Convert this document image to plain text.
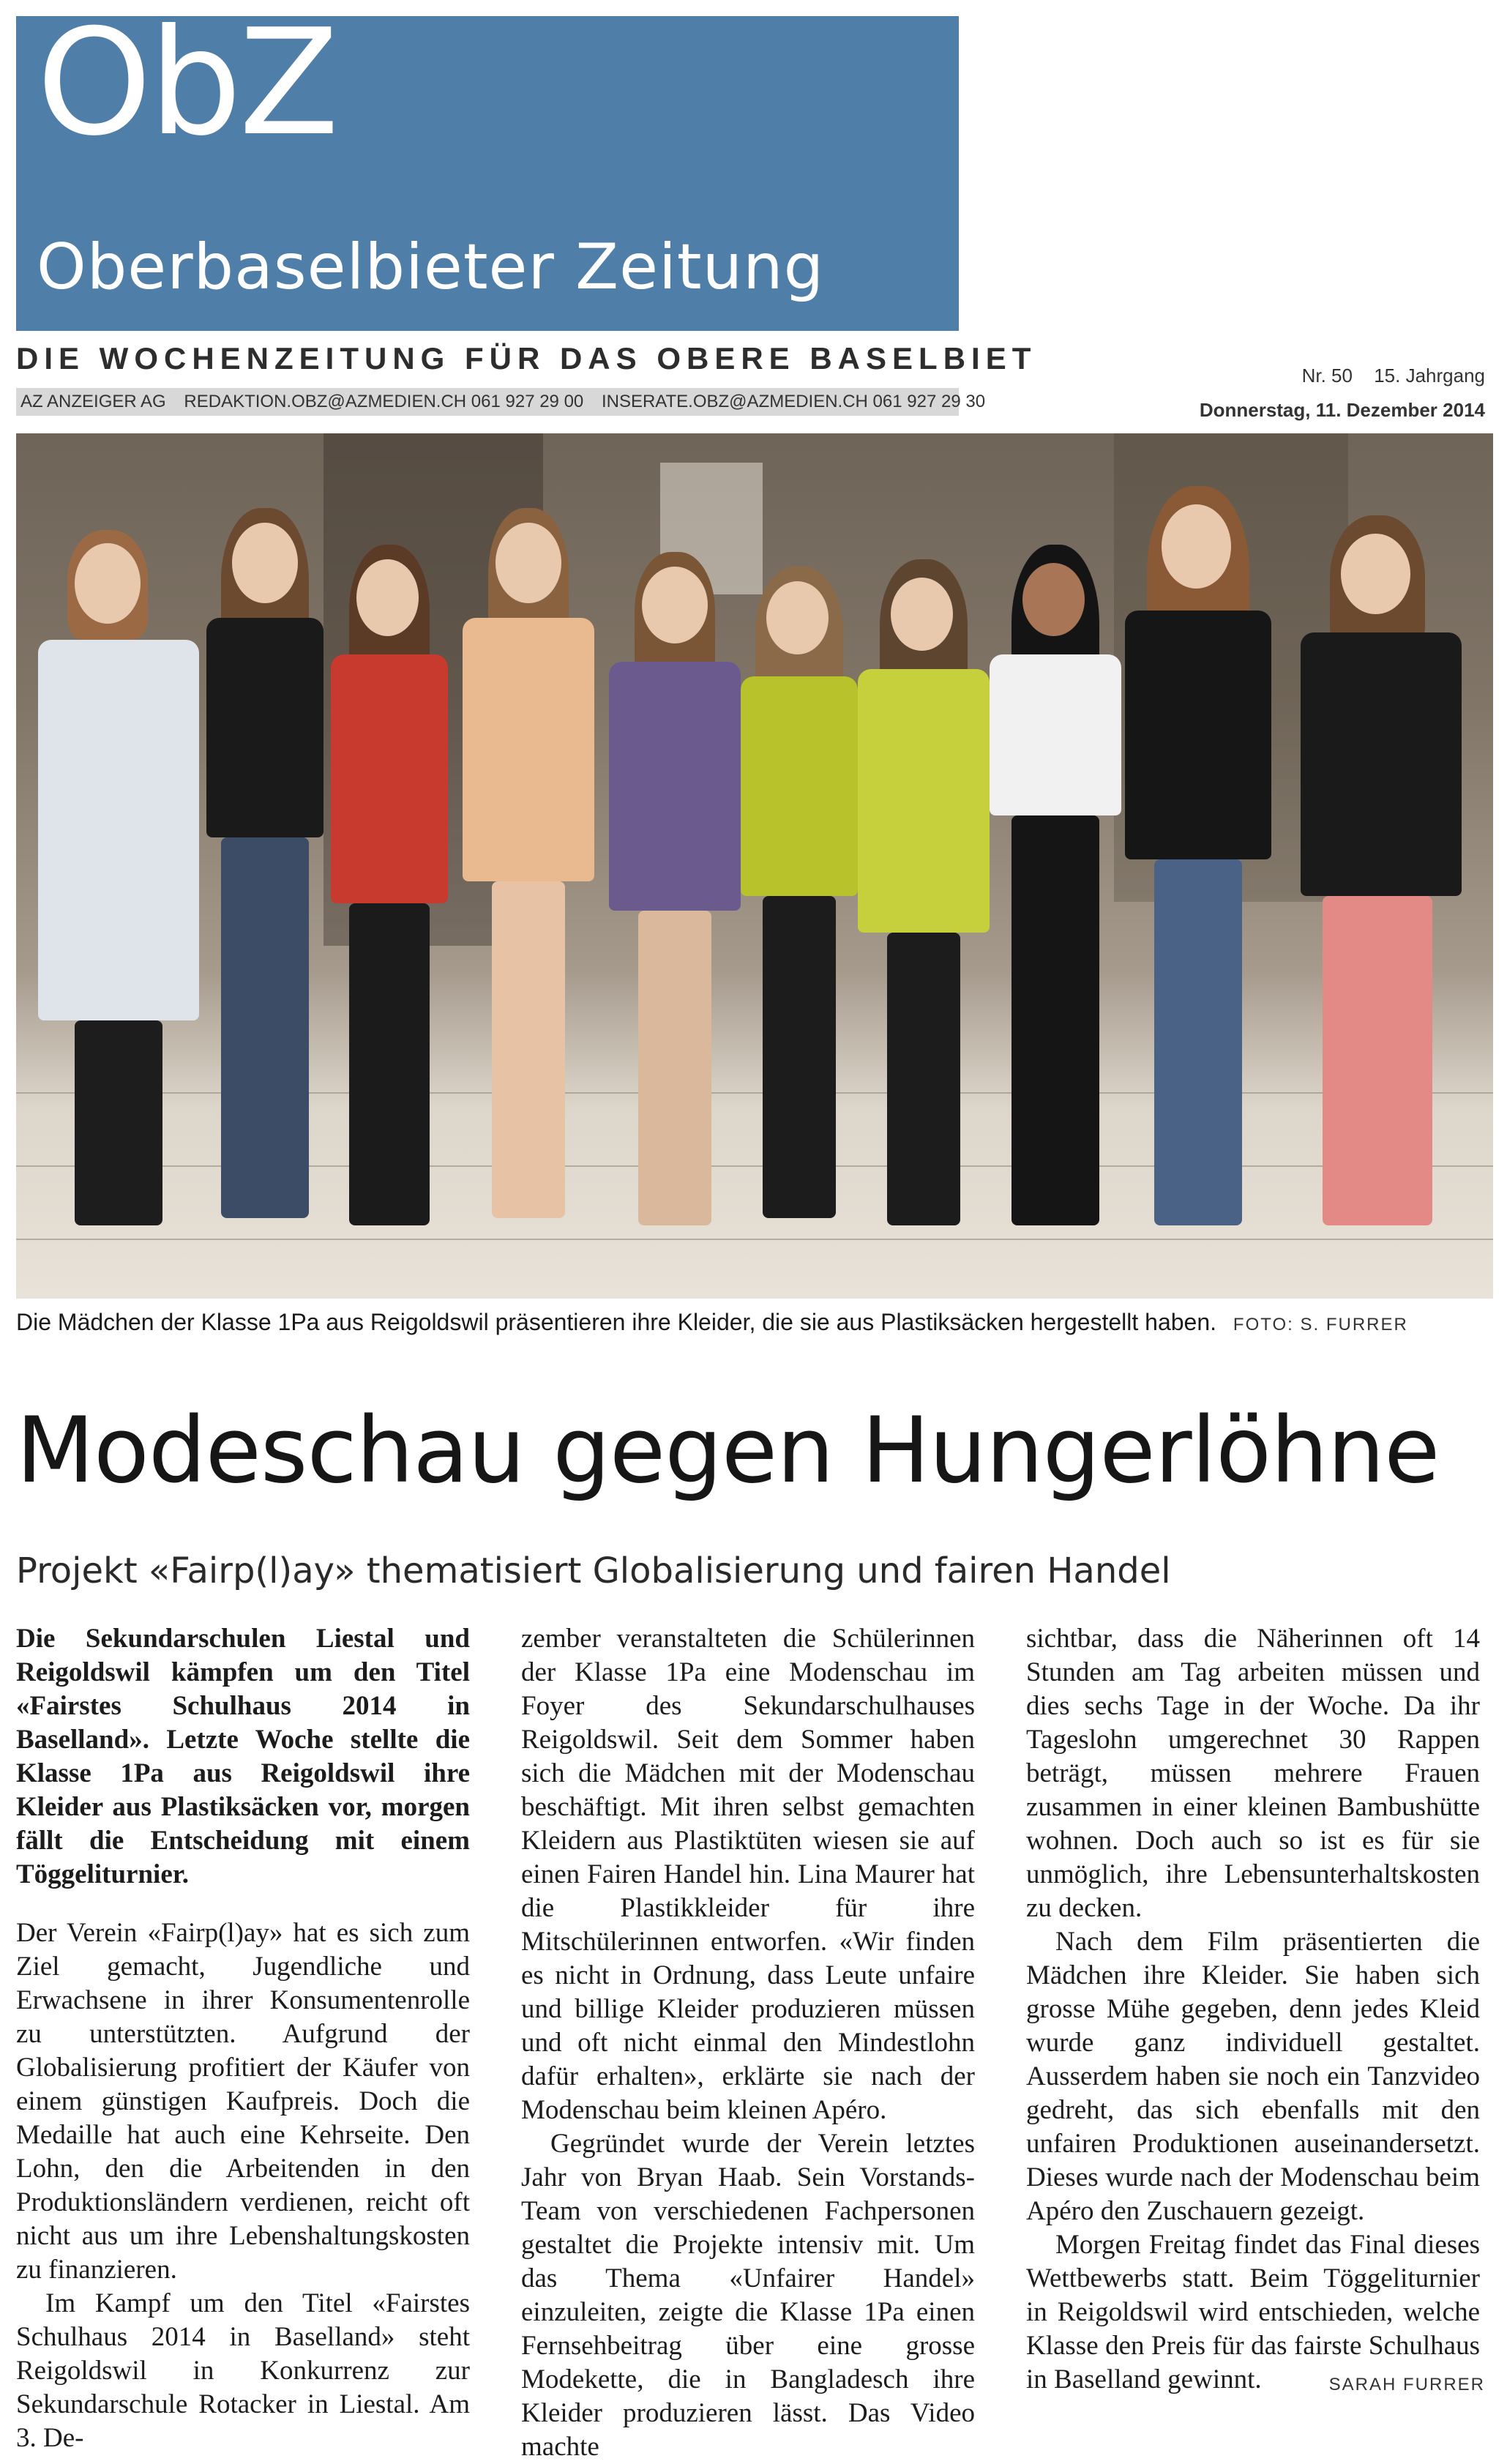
ObZ
Oberbaselbieter Zeitung
DIE WOCHENZEITUNG FÜR DAS OBERE BASELBIET
AZ ANZEIGER AG REDAKTION.OBZ@AZMEDIEN.CH 061 927 29 00 INSERATE.OBZ@AZMEDIEN.CH 061 927 29 30
Nr. 50 15. Jahrgang
Donnerstag, 11. Dezember 2014
Die Mädchen der Klasse 1Pa aus Reigoldswil präsentieren ihre Kleider, die sie aus Plastiksäcken hergestellt haben. FOTO: S. FURRER
Modeschau gegen Hungerlöhne
Projekt «Fairp(l)ay» thematisiert Globalisierung und fairen Handel

Die Sekundarschulen Liestal und Reigoldswil kämpfen um den Titel «Fairstes Schulhaus 2014 in Baselland». Letzte Woche stellte die Klasse 1Pa aus Reigoldswil ihre Kleider aus Plastiksäcken vor, morgen fällt die Entscheidung mit einem Töggeliturnier.

Der Verein «Fairp(l)ay» hat es sich zum Ziel gemacht, Jugendliche und Erwachsene in ihrer Konsumentenrolle zu unterstützten. Aufgrund der Globalisierung profitiert der Käufer von einem günstigen Kaufpreis. Doch die Medaille hat auch eine Kehrseite. Den Lohn, den die Arbeitenden in den Produktionsländern verdienen, reicht oft nicht aus um ihre Lebenshaltungskosten zu finanzieren.

Im Kampf um den Titel «Fairstes Schulhaus 2014 in Baselland» steht Reigoldswil in Konkurrenz zur Sekundarschule Rotacker in Liestal. Am 3. De-

zember veranstalteten die Schülerinnen der Klasse 1Pa eine Modenschau im Foyer des Sekundarschulhauses Reigoldswil. Seit dem Sommer haben sich die Mädchen mit der Modenschau beschäftigt. Mit ihren selbst gemachten Kleidern aus Plastiktüten wiesen sie auf einen Fairen Handel hin. Lina Maurer hat die Plastikkleider für ihre Mitschülerinnen entworfen. «Wir finden es nicht in Ordnung, dass Leute unfaire und billige Kleider produzieren müssen und oft nicht einmal den Mindestlohn dafür erhalten», erklärte sie nach der Modenschau beim kleinen Apéro.

Gegründet wurde der Verein letztes Jahr von Bryan Haab. Sein Vorstands-Team von verschiedenen Fachpersonen gestaltet die Projekte intensiv mit. Um das Thema «Unfairer Handel» einzuleiten, zeigte die Klasse 1Pa einen Fernsehbeitrag über eine grosse Modekette, die in Bangladesch ihre Kleider produzieren lässt. Das Video machte

sichtbar, dass die Näherinnen oft 14 Stunden am Tag arbeiten müssen und dies sechs Tage in der Woche. Da ihr Tageslohn umgerechnet 30 Rappen beträgt, müssen mehrere Frauen zusammen in einer kleinen Bambushütte wohnen. Doch auch so ist es für sie unmöglich, ihre Lebensunterhaltskosten zu decken.

Nach dem Film präsentierten die Mädchen ihre Kleider. Sie haben sich grosse Mühe gegeben, denn jedes Kleid wurde ganz individuell gestaltet. Ausserdem haben sie noch ein Tanzvideo gedreht, das sich ebenfalls mit den unfairen Produktionen auseinandersetzt. Dieses wurde nach der Modenschau beim Apéro den Zuschauern gezeigt.

Morgen Freitag findet das Final dieses Wettbewerbs statt. Beim Töggeliturnier in Reigoldswil wird entschieden, welche Klasse den Preis für das fairste Schulhaus in Baselland gewinnt.	SARAH FURRER
